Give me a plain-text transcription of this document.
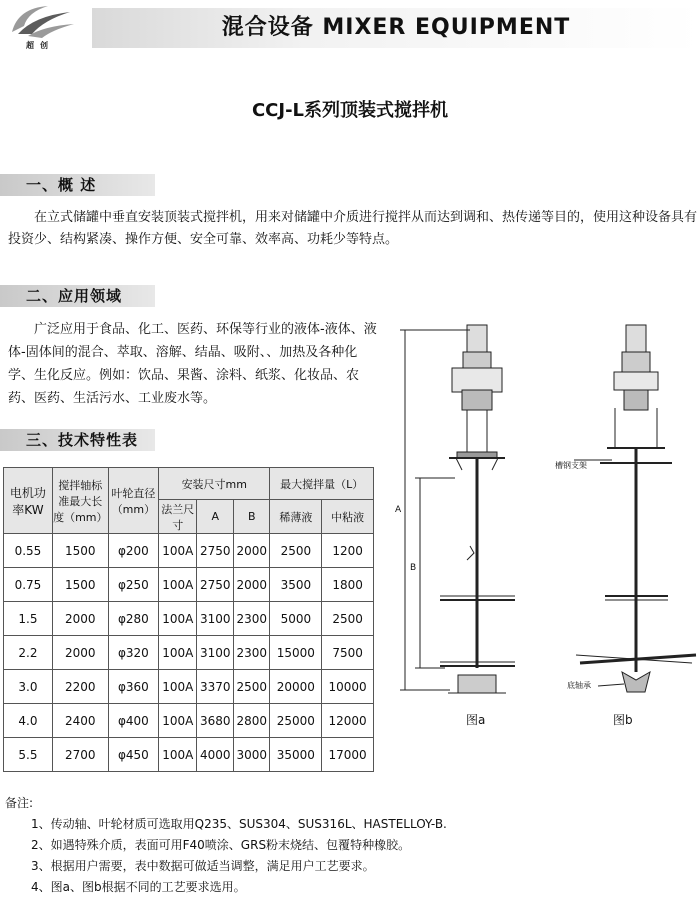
混合设备 MIXER EQUIPMENT
超创
CCJ-L系列顶装式搅拌机
一、概 述
在立式储罐中垂直安装顶装式搅拌机，用来对储罐中介质进行搅拌从而达到调和、热传递等目的，使用这种设备具有投资少、结构紧凑、操作方便、安全可靠、效率高、功耗少等特点。
二、应用领域
广泛应用于食品、化工、医药、环保等行业的液体-液体、液体-固体间的混合、萃取、溶解、结晶、吸附、、加热及各种化学、生化反应。例如：饮品、果酱、涂料、纸浆、化妆品、农药、医药、生活污水、工业废水等。
三、技术特性表
电机功率KW	搅拌轴标准最大长度（mm）	叶轮直径（mm）	安装尺寸mm			最大搅拌量（L）	
			法兰尺寸	A	B	稀薄液	中粘液
0.55	1500	φ200	100A	2750	2000	2500	1200
0.75	1500	φ250	100A	2750	2000	3500	1800
1.5	2000	φ280	100A	3100	2300	5000	2500
2.2	2000	φ320	100A	3100	2300	15000	7500
3.0	2200	φ360	100A	3370	2500	20000	10000
4.0	2400	φ400	100A	3680	2800	25000	12000
5.5	2700	φ450	100A	4000	3000	35000	17000
A
B
槽钢支架
底轴承
图a	图b
备注:
1、传动轴、叶轮材质可选取用Q235、SUS304、SUS316L、HASTELLOY-B.
2、如遇特殊介质，表面可用F40喷涂、GRS粉末烧结、包覆特种橡胶。
3、根据用户需要，表中数据可做适当调整，满足用户工艺要求。
4、图a、图b根据不同的工艺要求选用。
